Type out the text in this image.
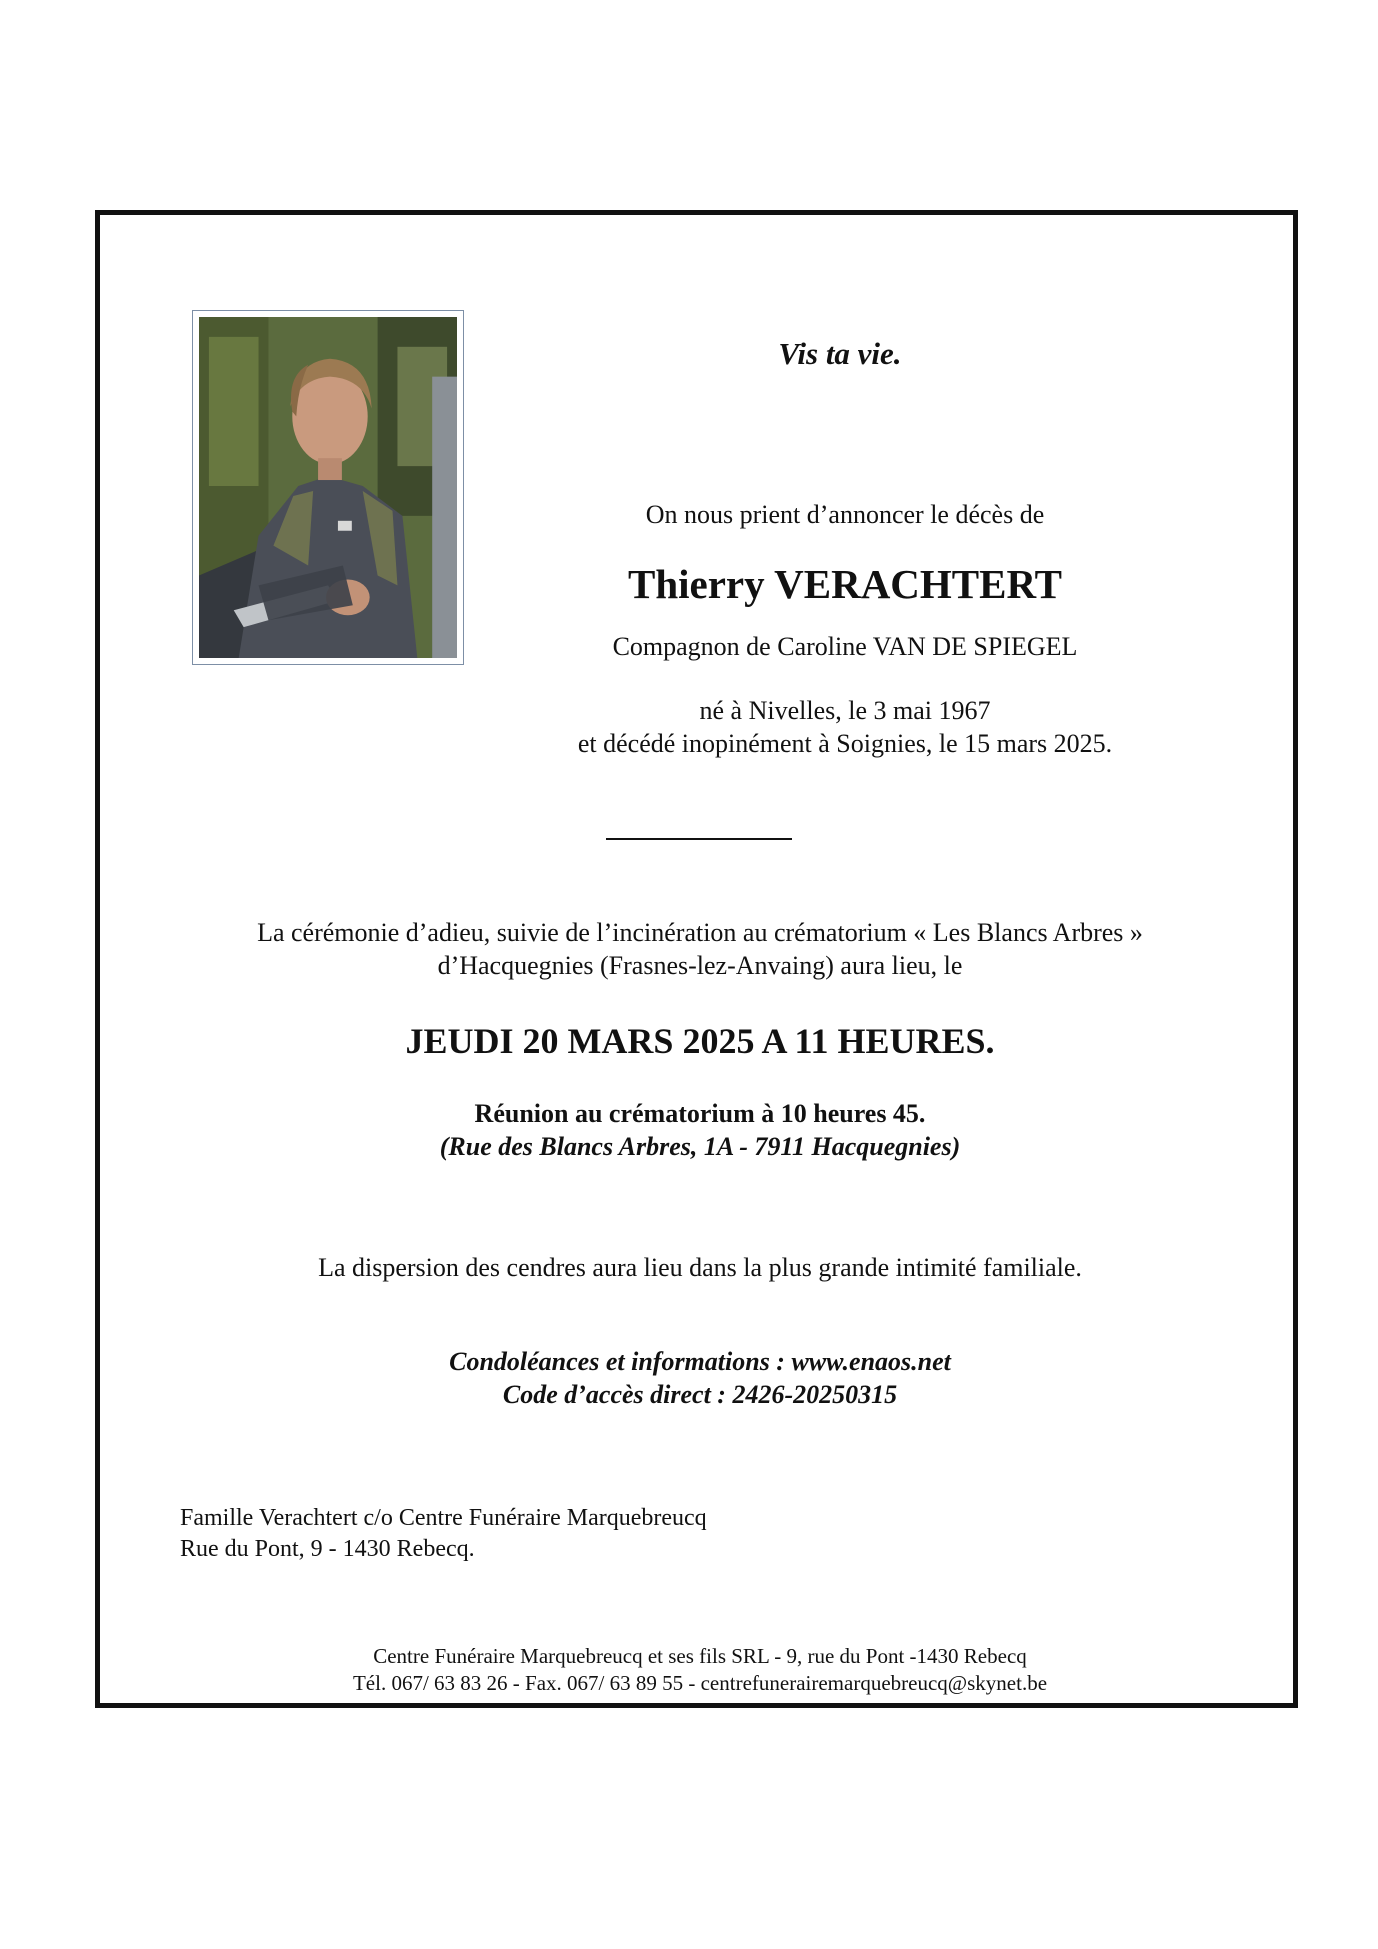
Vis ta vie.

On nous prient d’annoncer le décès de

Thierry VERACHTERT

Compagnon de Caroline VAN DE SPIEGEL

né à Nivelles, le 3 mai 1967

et décédé inopinément à Soignies, le 15 mars 2025.

La cérémonie d’adieu, suivie de l’incinération au crématorium « Les Blancs Arbres »

d’Hacquegnies (Frasnes-lez-Anvaing) aura lieu, le

JEUDI 20 MARS 2025 A 11 HEURES.

Réunion au crématorium à 10 heures 45.

(Rue des Blancs Arbres, 1A - 7911 Hacquegnies)

La dispersion des cendres aura lieu dans la plus grande intimité familiale.

Condoléances et informations : www.enaos.net

Code d’accès direct : 2426-20250315

Famille Verachtert c/o Centre Funéraire Marquebreucq

Rue du Pont, 9 - 1430 Rebecq.

Centre Funéraire Marquebreucq et ses fils SRL - 9, rue du Pont -1430 Rebecq

Tél. 067/ 63 83 26 - Fax. 067/ 63 89 55 - centrefunerairemarquebreucq@skynet.be
